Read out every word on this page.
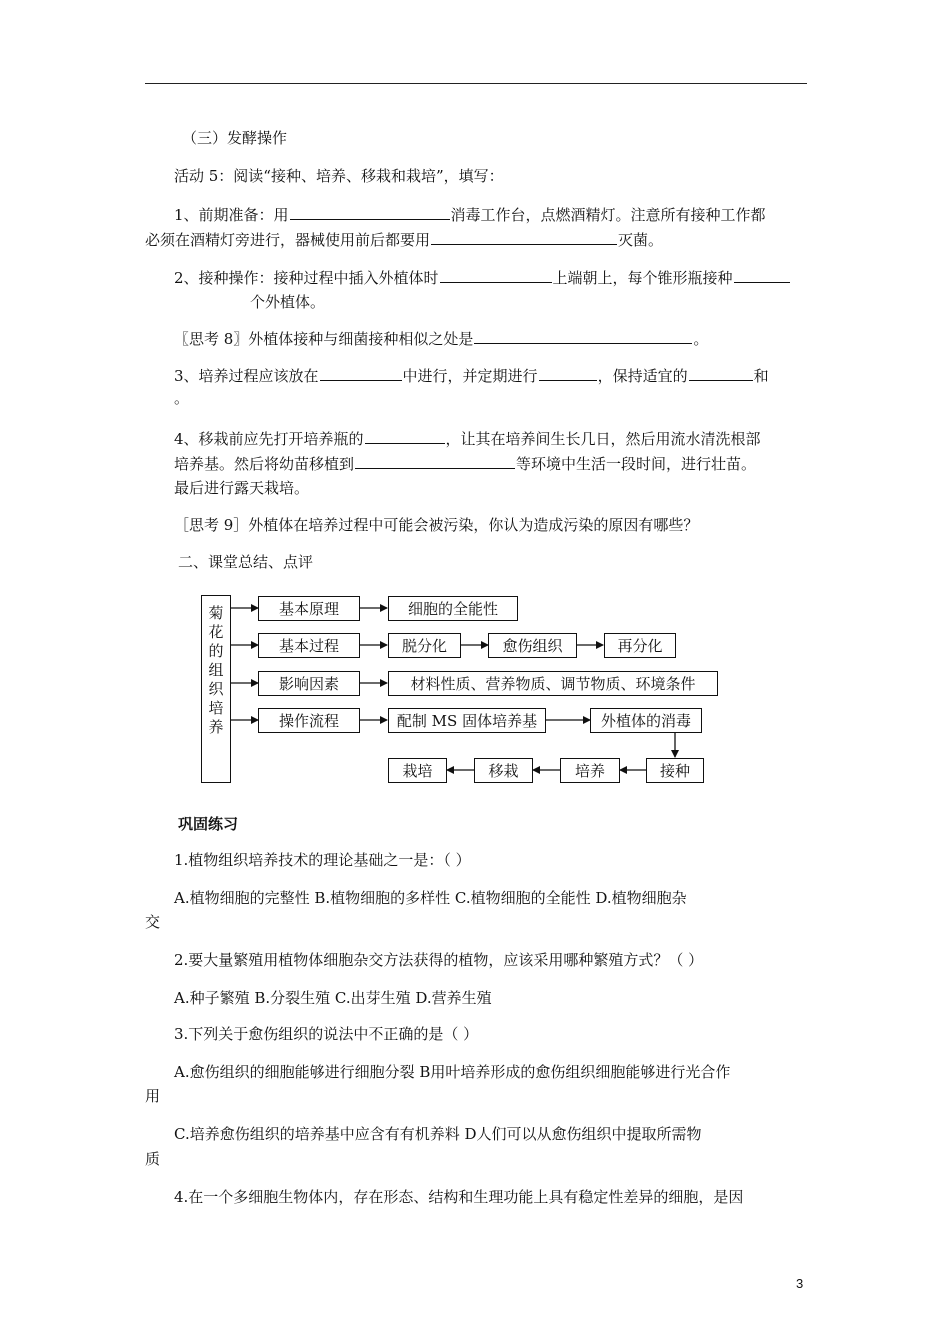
（三）发酵操作
活动 5：阅读“接种、培养、移栽和栽培”，填写：
1、前期准备：用	消毒工作台，点燃酒精灯。注意所有接种工作都
必须在酒精灯旁进行，器械使用前后都要用	灭菌。
2、接种操作：接种过程中插入外植体时	上端朝上，每个锥形瓶接种
个外植体。
〖思考 8〗外植体接种与细菌接种相似之处是	。
3、培养过程应该放在	中进行，并定期进行	，保持适宜的	和
。
4、移栽前应先打开培养瓶的	，让其在培养间生长几日，然后用流水清洗根部
培养基。然后将幼苗移植到	等环境中生活一段时间，进行壮苗。
最后进行露天栽培。
［思考 9］外植体在培养过程中可能会被污染，你认为造成污染的原因有哪些？
二、课堂总结、点评
菊
花
的
组
织
培
养
基本原理	细胞的全能性
基本过程	脱分化	愈伤组织	再分化
影响因素	材料性质、营养物质、调节物质、环境条件
操作流程	配制 MS 固体培养基	外植体的消毒
接种
培养
移栽
栽培
巩固练习
1.植物组织培养技术的理论基础之一是：（ ）
A.植物细胞的完整性 B.植物细胞的多样性 C.植物细胞的全能性 D.植物细胞杂
交
2.要大量繁殖用植物体细胞杂交方法获得的植物，应该采用哪种繁殖方式？（ ）
A.种子繁殖 B.分裂生殖 C.出芽生殖 D.营养生殖
3.下列关于愈伤组织的说法中不正确的是（ ）
A.愈伤组织的细胞能够进行细胞分裂 B用叶培养形成的愈伤组织细胞能够进行光合作
用
C.培养愈伤组织的培养基中应含有有机养料 D人们可以从愈伤组织中提取所需物
质
4.在一个多细胞生物体内，存在形态、结构和生理功能上具有稳定性差异的细胞，是因
3
